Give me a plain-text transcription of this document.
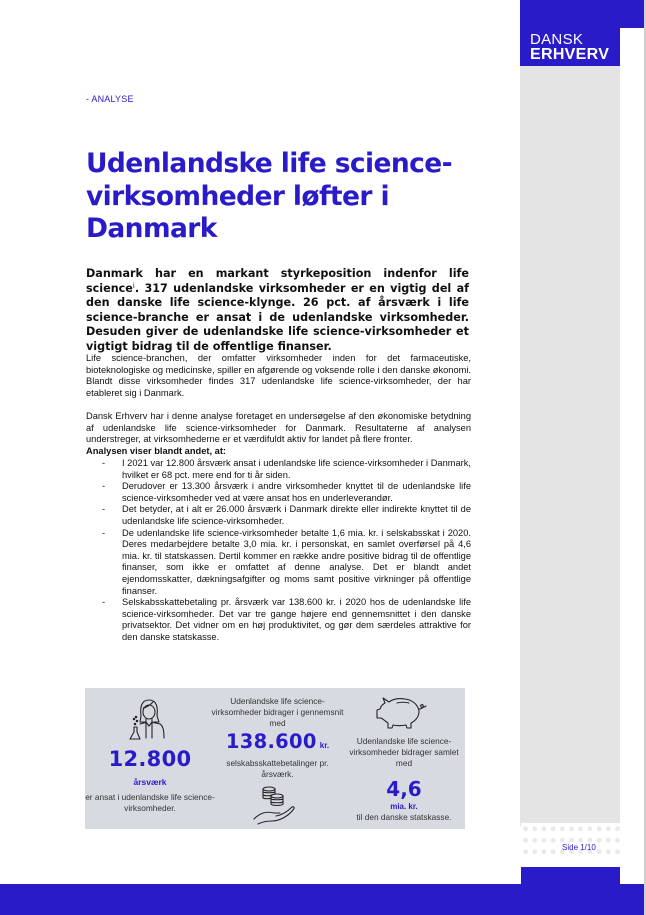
DANSK
ERHVERV
Side 1/10
- ANALYSE
Udenlandske life science-virksomheder løfter i Danmark

Danmark har en markant styrkeposition indenfor life science$^i$. 317 udenlandske virksomheder er en vigtig del af den danske life science-klynge. 26 pct. af årsværk i life science-branche er ansat i de udenlandske virksomheder. Desuden giver de udenlandske life science-virksomheder et vigtigt bidrag til de offentlige finanser.

Life science-branchen, der omfatter virksomheder inden for det farmaceutiske, bioteknologiske og medicinske, spiller en afgørende og voksende rolle i den danske økonomi. Blandt disse virksomheder findes 317 udenlandske life science-virksomheder, der har etableret sig i Danmark.

Dansk Erhverv har i denne analyse foretaget en undersøgelse af den økonomiske betydning af udenlandske life science-virksomheder for Danmark. Resultaterne af analysen understreger, at virksomhederne er et værdifuldt aktiv for landet på flere fronter.

Analysen viser blandt andet, at:

- I 2021 var 12.800 årsværk ansat i udenlandske life science-virksomheder i Danmark, hvilket er 68 pct. mere end for ti år siden.
- Derudover er 13.300 årsværk i andre virksomheder knyttet til de udenlandske life science-virksomheder ved at være ansat hos en underleverandør.
- Det betyder, at i alt er 26.000 årsværk i Danmark direkte eller indirekte knyttet til de udenlandske life science-virksomheder.
- De udenlandske life science-virksomheder betalte 1,6 mia. kr. i selskabsskat i 2020. Deres medarbejdere betalte 3,0 mia. kr. i personskat, en samlet overførsel på 4,6 mia. kr. til statskassen. Dertil kommer en række andre positive bidrag til de offentlige finanser, som ikke er omfattet af denne analyse. Det er blandt andet ejendomsskatter, dækningsafgifter og moms samt positive virkninger på offentlige finanser.
- Selskabsskattebetaling pr. årsværk var 138.600 kr. i 2020 hos de udenlandske life science-virksomheder. Det var tre gange højere end gennemsnittet i den danske privatsektor. Det vidner om en høj produktivitet, og gør dem særdeles attraktive for den danske statskasse.
12.800
årsværk
er ansat i udenlandske life science-virksomheder.
Udenlandske life science-virksomheder bidrager i gennemsnit med
138.600 kr.
selskabsskattebetalinger pr. årsværk.
Udenlandske life science-virksomheder bidrager samlet med
4,6
mia. kr.
til den danske statskasse.
